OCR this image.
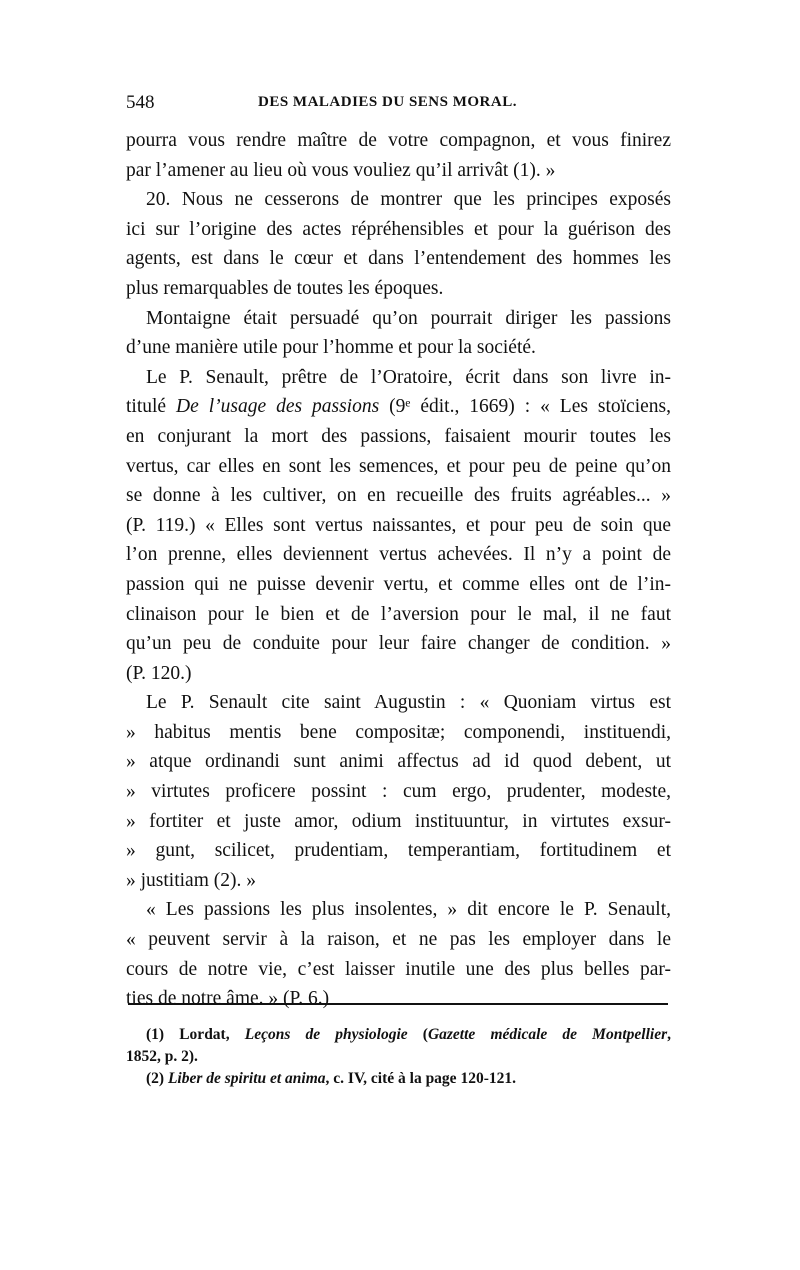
548	DES MALADIES DU SENS MORAL.
pourra vous rendre maître de votre compagnon, et vous finirez
par l’amener au lieu où vous vouliez qu’il arrivât (1). »
20. Nous ne cesserons de montrer que les principes exposés
ici sur l’origine des actes répréhensibles et pour la guérison des
agents, est dans le cœur et dans l’entendement des hommes les
plus remarquables de toutes les époques.
Montaigne était persuadé qu’on pourrait diriger les passions
d’une manière utile pour l’homme et pour la société.
Le P. Senault, prêtre de l’Oratoire, écrit dans son livre in-
titulé De l’usage des passions (9ᵉ édit., 1669) : « Les stoïciens,
en conjurant la mort des passions, faisaient mourir toutes les
vertus, car elles en sont les semences, et pour peu de peine qu’on
se donne à les cultiver, on en recueille des fruits agréables... »
(P. 119.) « Elles sont vertus naissantes, et pour peu de soin que
l’on prenne, elles deviennent vertus achevées. Il n’y a point de
passion qui ne puisse devenir vertu, et comme elles ont de l’in-
clinaison pour le bien et de l’aversion pour le mal, il ne faut
qu’un peu de conduite pour leur faire changer de condition. »
(P. 120.)
Le P. Senault cite saint Augustin : « Quoniam virtus est
» habitus mentis bene compositæ; componendi, instituendi,
» atque ordinandi sunt animi affectus ad id quod debent, ut
» virtutes proficere possint : cum ergo, prudenter, modeste,
» fortiter et juste amor, odium instituuntur, in virtutes exsur-
» gunt, scilicet, prudentiam, temperantiam, fortitudinem et
» justitiam (2). »
« Les passions les plus insolentes, » dit encore le P. Senault,
« peuvent servir à la raison, et ne pas les employer dans le
cours de notre vie, c’est laisser inutile une des plus belles par-
ties de notre âme. » (P. 6.)
(1) Lordat, Leçons de physiologie (Gazette médicale de Montpellier,
1852, p. 2).
(2) Liber de spiritu et anima, c. IV, cité à la page 120-121.
